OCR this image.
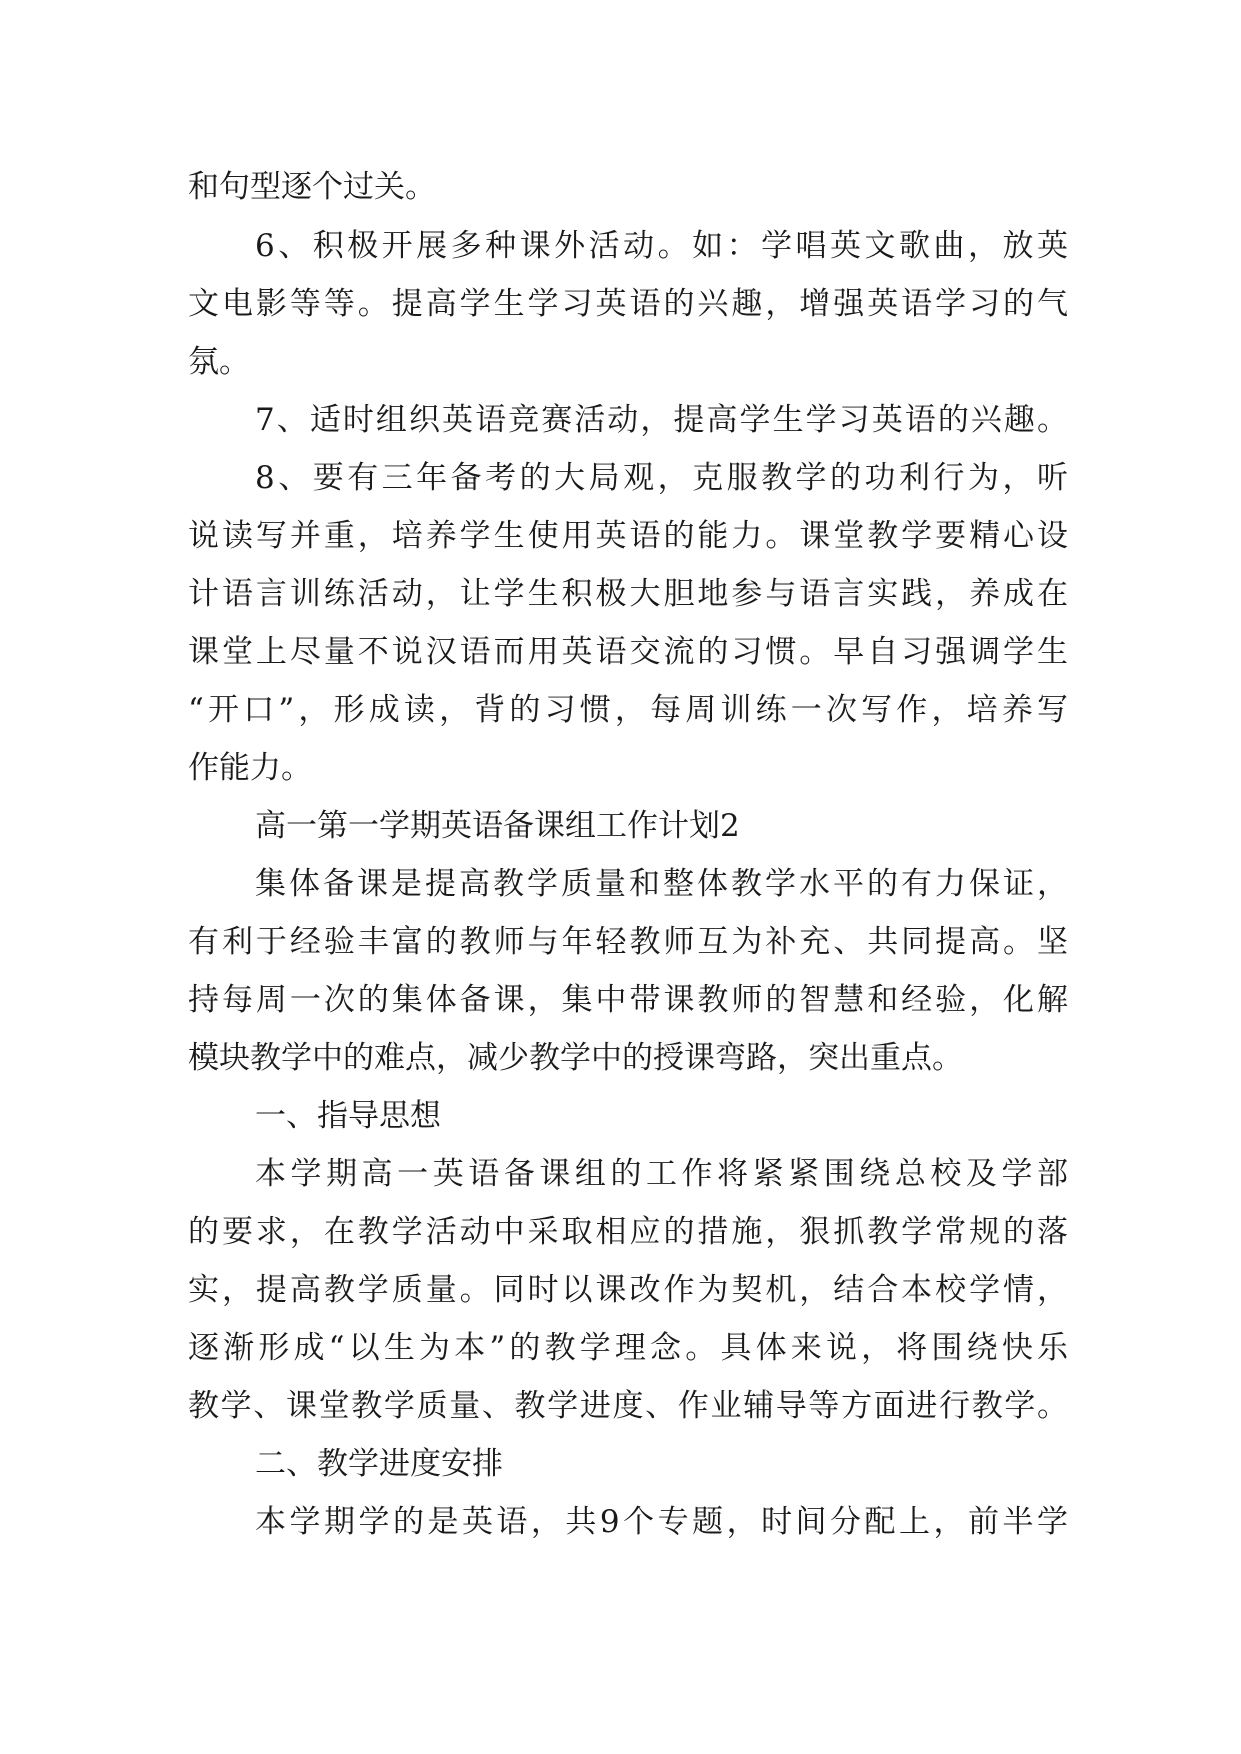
和句型逐个过关。
6、积极开展多种课外活动。如：学唱英文歌曲，放英
文电影等等。提高学生学习英语的兴趣，增强英语学习的气
氛。
7、适时组织英语竞赛活动，提高学生学习英语的兴趣。
8、要有三年备考的大局观，克服教学的功利行为，听
说读写并重，培养学生使用英语的能力。课堂教学要精心设
计语言训练活动，让学生积极大胆地参与语言实践，养成在
课堂上尽量不说汉语而用英语交流的习惯。早自习强调学生
“开口”，形成读，背的习惯，每周训练一次写作，培养写
作能力。
高一第一学期英语备课组工作计划2
集体备课是提高教学质量和整体教学水平的有力保证，
有利于经验丰富的教师与年轻教师互为补充、共同提高。坚
持每周一次的集体备课，集中带课教师的智慧和经验，化解
模块教学中的难点，减少教学中的授课弯路，突出重点。
一、指导思想
本学期高一英语备课组的工作将紧紧围绕总校及学部
的要求，在教学活动中采取相应的措施，狠抓教学常规的落
实，提高教学质量。同时以课改作为契机，结合本校学情，
逐渐形成“以生为本”的教学理念。具体来说，将围绕快乐
教学、课堂教学质量、教学进度、作业辅导等方面进行教学。
二、教学进度安排
本学期学的是英语，共9个专题，时间分配上，前半学
